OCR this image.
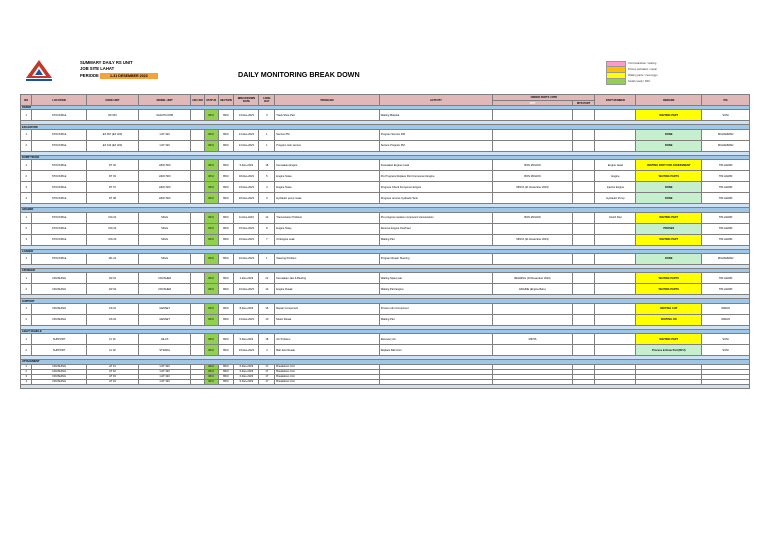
SUMMARY DAILY RS UNIT
JOB SITE LAHAT
PERIODE	1-31 DESEMBER 2023	DAILY MONITORING BREAK DOWN
Unit breakdown / waiting
Proses perbaikan / repair
Waiting parts / menunggu
Sudah ready / RFU
NO	LOCATION	CODE UNIT	MODEL UNIT	HM / KM	STATUS	SECTION	BREAKDOWN DATE	LONG DAY	PROBLEM	ACTIVITY	ORDER PARTS / MTD		PART NUMBER	REMARK	PIC
											MTD	MTD PART			
DOZER															
1	STOCKPILE	DZ 003	SHANTUI D85		RFU	BDU	13-Des-2023	3	Track Shoe Part	Waiting Material				WAITING PART	SONI

EXCAVATOR															
1	STOCKPILE	EX 007 (EX 320)	CAT 320		RFU	BDU	21-Des-2023	1	Service PM	Program Service 250				DONE	MUHAMMAD
2	STOCKPILE	EX 013 (EX 320)	CAT 320		RFU	BDU	21-Des-2023	1	Program rutin service	Service Program PM				DONE	MUHAMMAD

DUMP TRUCK															
1	STOCKPILE	DT 02	HINO 500		RFU	BDU	5-Des-2023	18	Kerusakan Engine	Kerusakan Engine rusak	BON MOHON		Engine Head	WAITING PART FOR ASSESSMENT	TIM HAMDI
2	STOCKPILE	DT 03	HINO 500		RFU	BDU	18-Des-2023	5	Engine Noise	Pre Progress Replace Part Component Engine	BON MOHON		Engine	WAITING PARTS	TIM HAMDI
3	STOCKPILE	DT 07	HINO 500		RFU	BDU	19-Des-2023	4	Engine Noise	Progress Check Komponen Engine	MINTA (21 Desember 2023)		Injector Engine	DONE	TIM HAMDI
4	STOCKPILE	DT 08	HINO 500		RFU	BDU	20-Des-2023	3	Hydraulic pump rusak	Progress remove hydraulic Tank			Hydraulic Pump	DONE	TIM HAMDI

GRADER															
1	STOCKPILE	MG 01	SDLG		RFU	BDU	11-Des-2023	12	Transmission Problem	Pre progress replace component transmission	BON MOHON		Clutch Disc	WAITING PART	TIM HAMDI
2	STOCKPILE	MG 02	SDLG		RFU	BDU	15-Des-2023	8	Engine Noisy	Remove Engine Overhaul				PROSES	TIM HAMDI
3	STOCKPILE	MG 03	SDLG		RFU	BDU	16-Des-2023	7	Oil Engine Leak	Waiting Part	MINTA (21 Desember 2023)			WAITING PART	TIM HAMDI

LOADER															
1	STOCKPILE	WL 01	SDLG		RFU	BDU	22-Des-2023	1	Steering Problem	Program Repair Steering				DONE	MUHAMMAD

CRUSHER															
1	CRUSHING	CR 01	CRUSHER		RFU	BDU	1-Des-2023	22	Kerusakan Jaw & Bearing	Waiting Spare part	BEARING (19 Desember 2023)			WAITING PARTS	TIM HAMDI
2	CRUSHING	CR 02	CRUSHER		RFU	BDU	10-Des-2023	13	Engine Rusak	Waiting Part Engine	ENGINE (Engine Baru)			WAITING PARTS	TIM HAMDI

SUPPORT															
1	CRUSHING	GS 01	GENSET		RFU	BDU	8-Des-2023	15	Repair Component	Proses rutin Component				WAITING CUP	IRWAN
2	CRUSHING	GS 02	GENSET		RFU	BDU	13-Des-2023	10	Mesin Rusak	Waiting Part				WAITING ON	IRWAN

LIGHT VEHICLE															
1	SUPPORT	LV 01	HILUX		RFU	BDU	5-Des-2023	18	AC Problem	Recovery AC	MINTA			WAITING PART	SONI
2	SUPPORT	LV 02	STRADA		RFU	BDU	19-Des-2023	4	Ball Joint Rusak	Replace Ball Joint				Process & Done Part (RFU)	SONI

ATTACHMENT															
1	CRUSHING	AT 01	CAT 320		RFU	BDU	6-Des-2023	17	Breakdown Unit						
2	CRUSHING	AT 02	CAT 320		RFU	BDU	6-Des-2023	17	Breakdown Unit						
3	CRUSHING	AT 03	CAT 320		RFU	BDU	6-Des-2023	17	Breakdown Unit						
4	CRUSHING	AT 04	CAT 320		RFU	BDU	6-Des-2023	17	Breakdown Unit						
